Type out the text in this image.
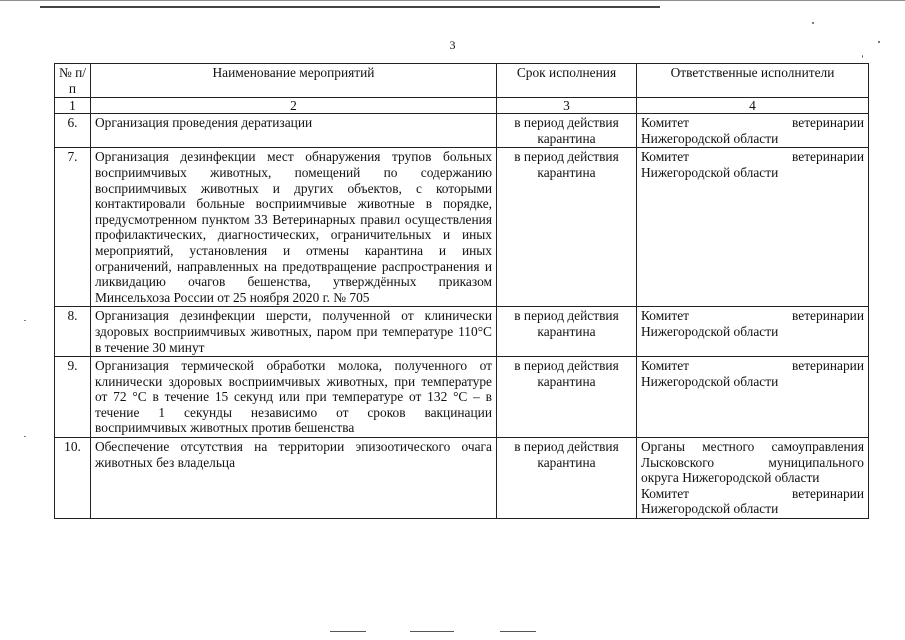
3
№ п/п	Наименование мероприятий	Срок исполнения	Ответственные исполнители
1	2	3	4
6.	Организация проведения дератизации	в период действия карантина	Комитет ветеринарии
Нижегородской области

7.	Организация дезинфекции мест обнаружения трупов больных восприимчивых животных, помещений по содержанию восприимчивых животных и других объектов, с которыми контактировали больные восприимчивые животные в порядке, предусмотренном пунктом 33 Ветеринарных правил осуществления профилактических, диагностических, ограничительных и иных мероприятий, установления и отмены карантина и иных ограничений, направленных на предотвращение распространения и ликвидацию очагов бешенства, утверждённых приказом Минсельхоза России от 25 ноября 2020 г. № 705	в период действия карантина	Комитет ветеринарии
Нижегородской области

8.	Организация дезинфекции шерсти, полученной от клинически здоровых восприимчивых животных, паром при температуре 110°С в течение 30 минут	в период действия карантина	Комитет ветеринарии
Нижегородской области

9.	Организация термической обработки молока, полученного от клинически здоровых восприимчивых животных, при температуре от 72 °С в течение 15 секунд или при температуре от 132 °С – в течение 1 секунды независимо от сроков вакцинации восприимчивых животных против бешенства	в период действия карантина	Комитет ветеринарии
Нижегородской области

10.	Обеспечение отсутствия на территории эпизоотического очага животных без владельца	в период действия карантина	Органы местного самоуправления
Лысковского муниципального
округа Нижегородской области
Комитет ветеринарии
Нижегородской области
